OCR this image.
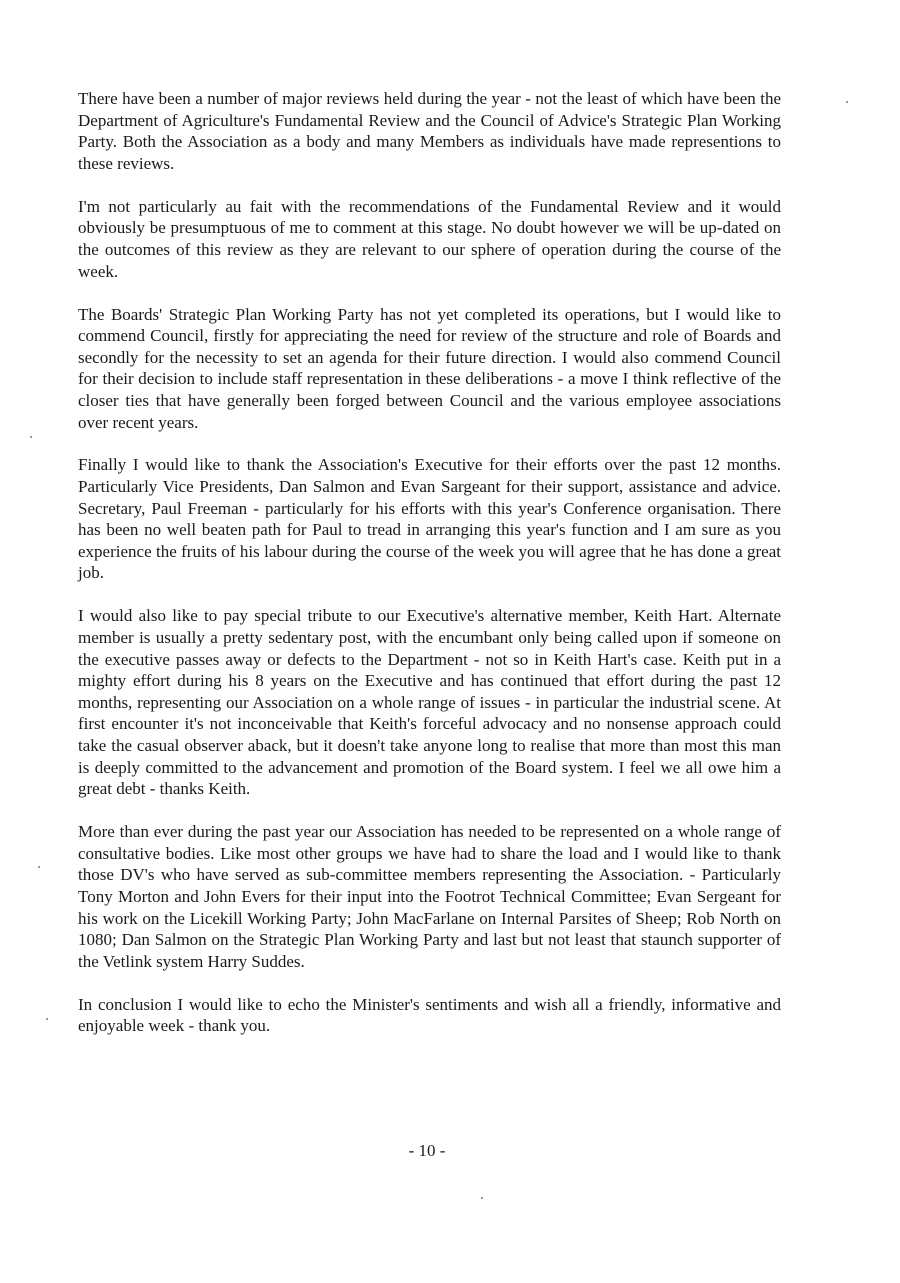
There have been a number of major reviews held during the year - not the least of which have been the Department of Agriculture's Fundamental Review and the Council of Advice's Strategic Plan Working Party. Both the Association as a body and many Members as individuals have made representions to these reviews.

I'm not particularly au fait with the recommendations of the Fundamental Review and it would obviously be presumptuous of me to comment at this stage. No doubt however we will be up-dated on the outcomes of this review as they are relevant to our sphere of operation during the course of the week.

The Boards' Strategic Plan Working Party has not yet completed its operations, but I would like to commend Council, firstly for appreciating the need for review of the structure and role of Boards and secondly for the necessity to set an agenda for their future direction. I would also commend Council for their decision to include staff representation in these deliberations - a move I think reflective of the closer ties that have generally been forged between Council and the various employee associations over recent years.

Finally I would like to thank the Association's Executive for their efforts over the past 12 months. Particularly Vice Presidents, Dan Salmon and Evan Sargeant for their support, assistance and advice. Secretary, Paul Freeman - particularly for his efforts with this year's Conference organisation. There has been no well beaten path for Paul to tread in arranging this year's function and I am sure as you experience the fruits of his labour during the course of the week you will agree that he has done a great job.

I would also like to pay special tribute to our Executive's alternative member, Keith Hart. Alternate member is usually a pretty sedentary post, with the encumbant only being called upon if someone on the executive passes away or defects to the Department - not so in Keith Hart's case. Keith put in a mighty effort during his 8 years on the Executive and has continued that effort during the past 12 months, representing our Association on a whole range of issues - in particular the industrial scene. At first encounter it's not inconceivable that Keith's forceful advocacy and no nonsense approach could take the casual observer aback, but it doesn't take anyone long to realise that more than most this man is deeply committed to the advancement and promotion of the Board system. I feel we all owe him a great debt - thanks Keith.

More than ever during the past year our Association has needed to be represented on a whole range of consultative bodies. Like most other groups we have had to share the load and I would like to thank those DV's who have served as sub-committee members representing the Association. - Particularly Tony Morton and John Evers for their input into the Footrot Technical Committee; Evan Sergeant for his work on the Licekill Working Party; John MacFarlane on Internal Parsites of Sheep; Rob North on 1080; Dan Salmon on the Strategic Plan Working Party and last but not least that staunch supporter of the Vetlink system Harry Suddes.

In conclusion I would like to echo the Minister's sentiments and wish all a friendly, informative and enjoyable week - thank you.

- 10 -
